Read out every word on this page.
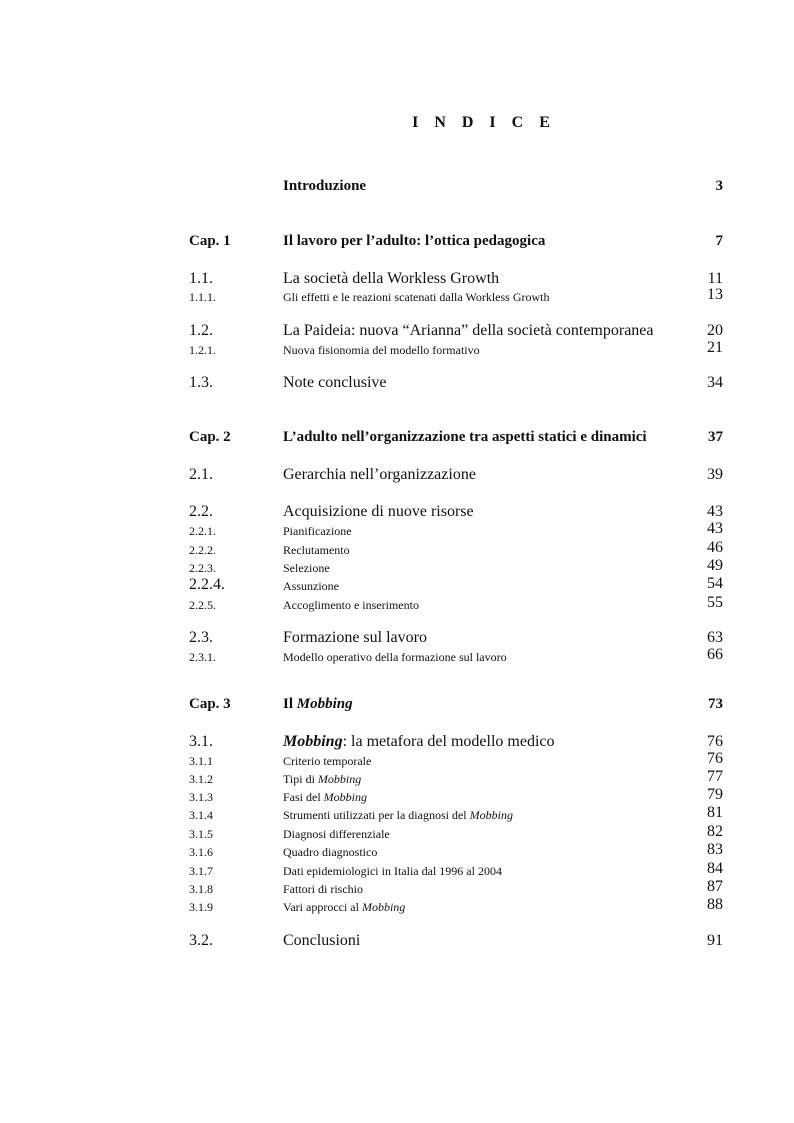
I N D I C E
Introduzione	3
Cap. 1	Il lavoro per l’adulto: l’ottica pedagogica	7
1.1.	La società della Workless Growth	11
1.1.1.	Gli effetti e le reazioni scatenati dalla Workless Growth	13
1.2.	La Paideia: nuova “Arianna” della società contemporanea	20
1.2.1.	Nuova fisionomia del modello formativo	21
1.3.	Note conclusive	34
Cap. 2	L’adulto nell’organizzazione tra aspetti statici e dinamici	37
2.1.	Gerarchia nell’organizzazione	39
2.2.	Acquisizione di nuove risorse	43
2.2.1.	Pianificazione	43
2.2.2.	Reclutamento	46
2.2.3.	Selezione	49
2.2.4.	Assunzione	54
2.2.5.	Accoglimento e inserimento	55
2.3.	Formazione sul lavoro	63
2.3.1.	Modello operativo della formazione sul lavoro	66
Cap. 3	Il Mobbing	73
3.1.	Mobbing: la metafora del modello medico	76
3.1.1	Criterio temporale	76
3.1.2	Tipi di Mobbing	77
3.1.3	Fasi del Mobbing	79
3.1.4	Strumenti utilizzati per la diagnosi del Mobbing	81
3.1.5	Diagnosi differenziale	82
3.1.6	Quadro diagnostico	83
3.1.7	Dati epidemiologici in Italia dal 1996 al 2004	84
3.1.8	Fattori di rischio	87
3.1.9	Vari approcci al Mobbing	88
3.2.	Conclusioni	91
